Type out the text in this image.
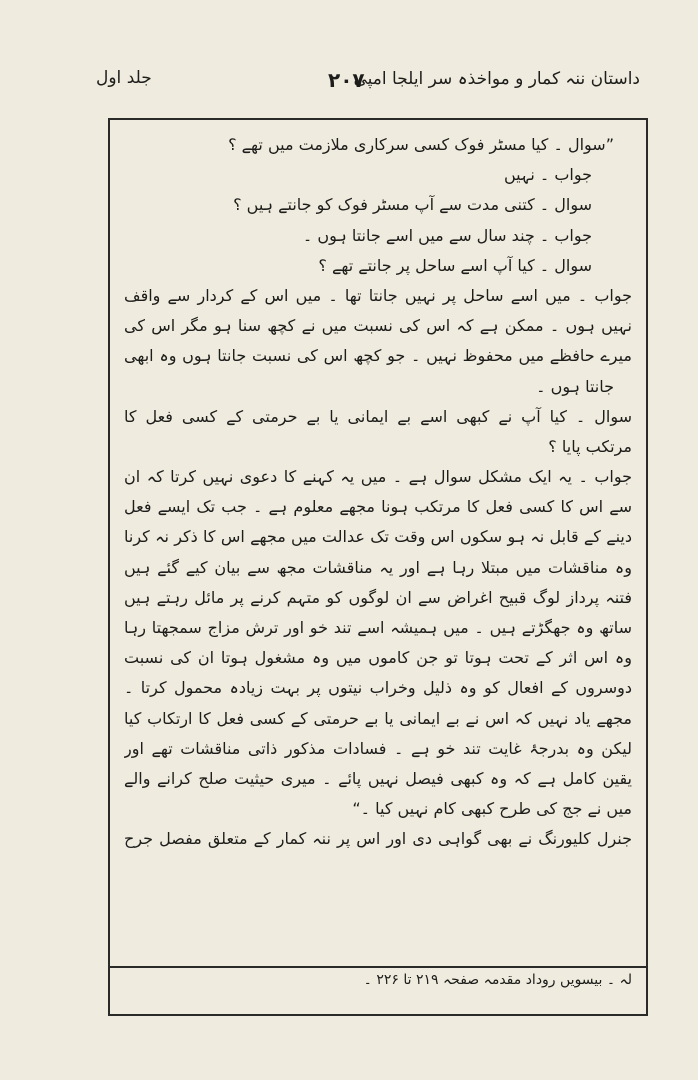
داستان ننہ کمار و مواخذہ سر ایلجا امپی
۲۰۷
جلد اول
”سوال ۔ کیا مسٹر فوک کسی سرکاری ملازمت میں تھے ؟
جواب ۔ نہیں
سوال ۔ کتنی مدت سے آپ مسٹر فوک کو جانتے ہیں ؟
جواب ۔ چند سال سے میں اسے جانتا ہوں ۔
سوال ۔ کیا آپ اسے ساحل پر جانتے تھے ؟
جواب ۔ میں اسے ساحل پر نہیں جانتا تھا ۔ میں اس کے کردار سے واقف
نہیں ہوں ۔ ممکن ہے کہ اس کی نسبت میں نے کچھ سنا ہو مگر اس کی
میرے حافظے میں محفوظ نہیں ۔ جو کچھ اس کی نسبت جانتا ہوں وہ ابھی
جانتا ہوں ۔
سوال ۔ کیا آپ نے کبھی اسے بے ایمانی یا بے حرمتی کے کسی فعل کا
مرتکب پایا ؟
جواب ۔ یہ ایک مشکل سوال ہے ۔ میں یہ کہنے کا دعوی نہیں کرتا کہ ان
سے اس کا کسی فعل کا مرتکب ہونا مجھے معلوم ہے ۔ جب تک ایسے فعل
دینے کے قابل نہ ہو سکوں اس وقت تک عدالت میں مجھے اس کا ذکر نہ کرنا
وہ مناقشات میں مبتلا رہا ہے اور یہ مناقشات مجھ سے بیان کیے گئے ہیں
فتنہ پرداز لوگ قبیح اغراض سے ان لوگوں کو متہم کرنے پر مائل رہتے ہیں
ساتھ وہ جھگڑتے ہیں ۔ میں ہمیشہ اسے تند خو اور ترش مزاج سمجھتا رہا
وہ اس اثر کے تحت ہوتا تو جن کاموں میں وہ مشغول ہوتا ان کی نسبت
دوسروں کے افعال کو وہ ذلیل وخراب نیتوں پر بہت زیادہ محمول کرتا ۔
مجھے یاد نہیں کہ اس نے بے ایمانی یا بے حرمتی کے کسی فعل کا ارتکاب کیا
لیکن وہ بدرجۂ غایت تند خو ہے ۔ فسادات مذکور ذاتی مناقشات تھے اور
یقین کامل ہے کہ وہ کبھی فیصل نہیں پائے ۔ میری حیثیت صلح کرانے والے
میں نے جج کی طرح کبھی کام نہیں کیا ۔“
جنرل کلیورنگ نے بھی گواہی دی اور اس پر ننہ کمار کے متعلق مفصل جرح
لہ ۔ بیسویں روداد مقدمہ صفحہ ۲۱۹ تا ۲۲۶ ۔
